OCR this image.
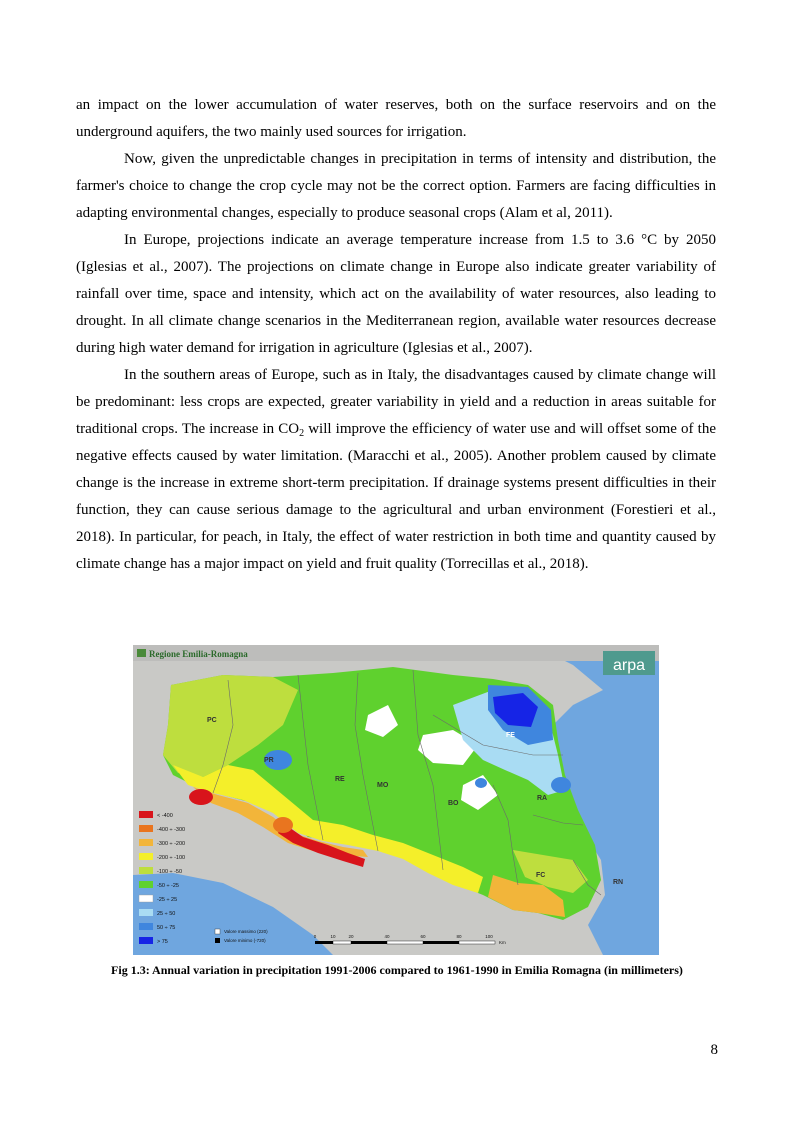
an impact on the lower accumulation of water reserves, both on the surface reservoirs and on the underground aquifers, the two mainly used sources for irrigation.

Now, given the unpredictable changes in precipitation in terms of intensity and distribution, the farmer's choice to change the crop cycle may not be the correct option. Farmers are facing difficulties in adapting environmental changes, especially to produce seasonal crops (Alam et al, 2011).

In Europe, projections indicate an average temperature increase from 1.5 to 3.6 °C by 2050 (Iglesias et al., 2007). The projections on climate change in Europe also indicate greater variability of rainfall over time, space and intensity, which act on the availability of water resources, also leading to drought. In all climate change scenarios in the Mediterranean region, available water resources decrease during high water demand for irrigation in agriculture (Iglesias et al., 2007).

In the southern areas of Europe, such as in Italy, the disadvantages caused by climate change will be predominant: less crops are expected, greater variability in yield and a reduction in areas suitable for traditional crops. The increase in $CO_2$ will improve the efficiency of water use and will offset some of the negative effects caused by water limitation. (Maracchi et al., 2005). Another problem caused by climate change is the increase in extreme short-term precipitation. If drainage systems present difficulties in their function, they can cause serious damage to the agricultural and urban environment (Forestieri et al., 2018). In particular, for peach, in Italy, the effect of water restriction in both time and quantity caused by climate change has a major impact on yield and fruit quality (Torrecillas et al., 2018).

Regione Emilia-Romagna
arpa
PC
PR
RE
MO
BO
FE
RA
FC
RN
< -400
-400 ÷ -300
-300 ÷ -200
-200 ÷ -100
-100 ÷ -50
-50 ÷ -25
-25 ÷ 25
25 ÷ 50
50 ÷ 75
> 75
Valore massimo (220)
Valore minimo (-720)
0	10	20	40	60	80	100
Km
Fig 1.3: Annual variation in precipitation 1991-2006 compared to 1961-1990 in Emilia Romagna (in millimeters)
8
